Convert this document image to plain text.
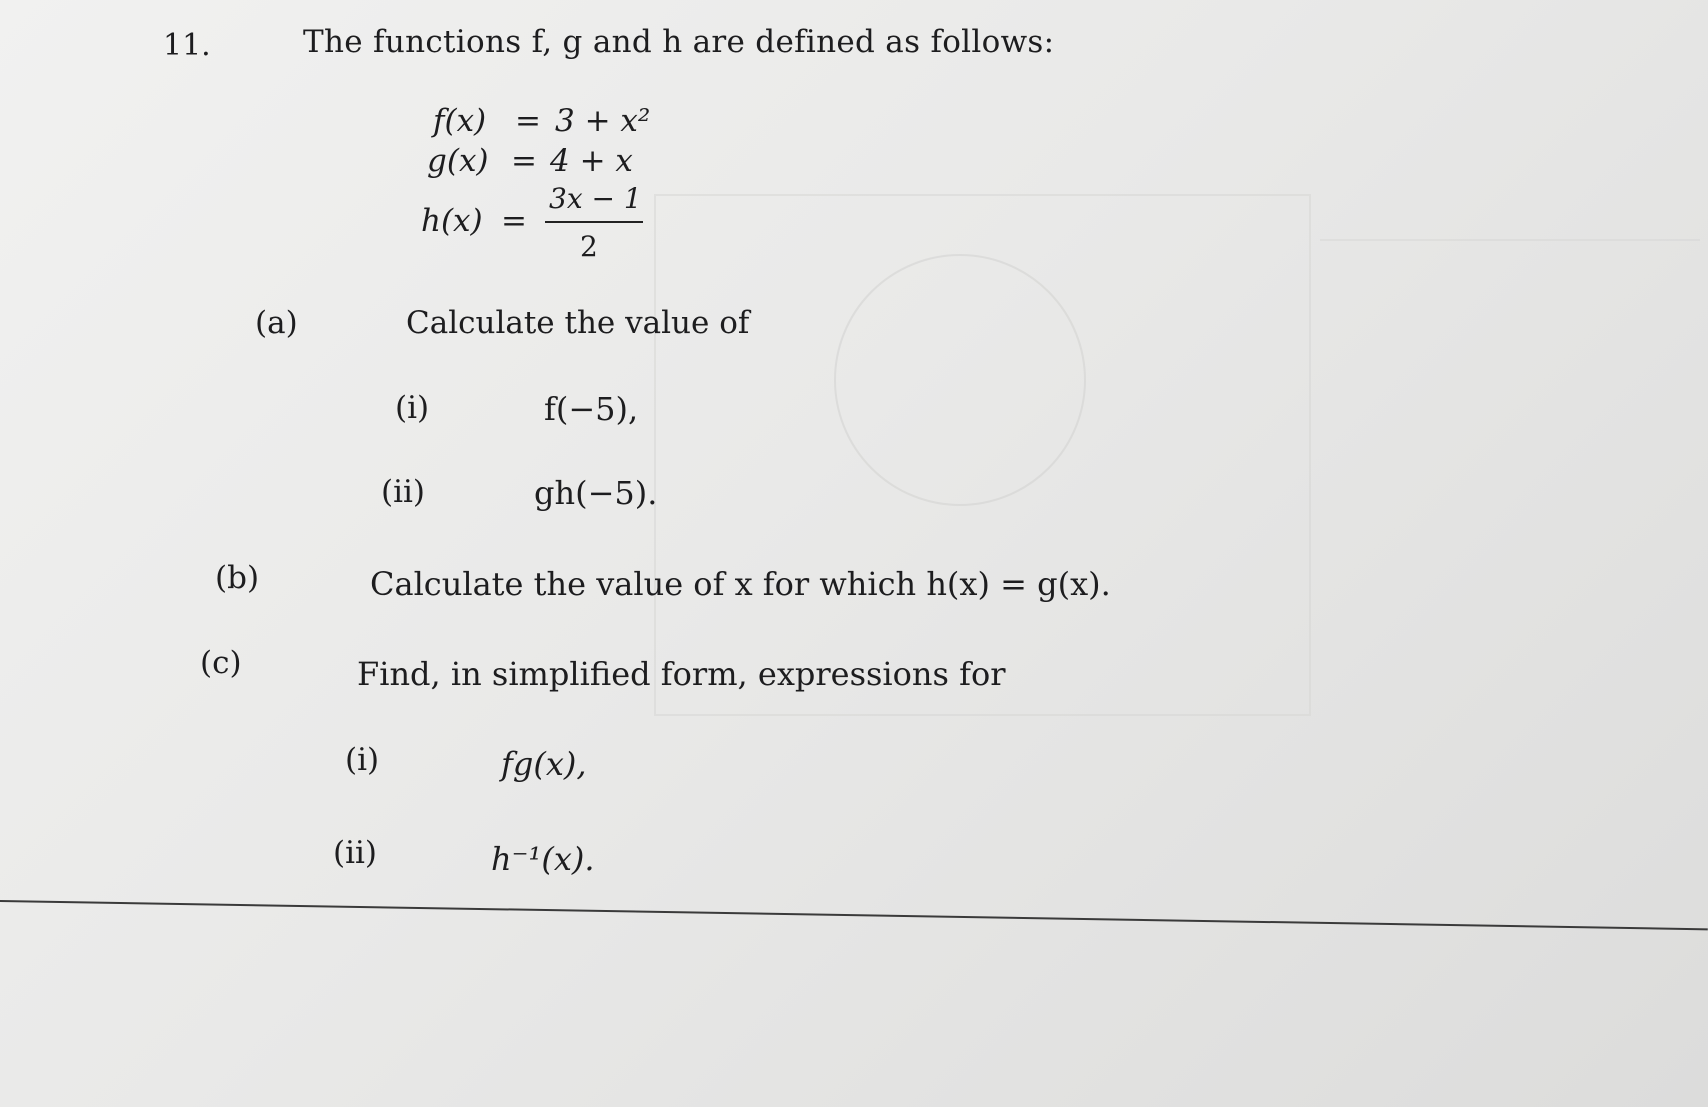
11.	The functions f, g and h are defined as follows:
f(x) = 3 + x²
g(x) = 4 + x
h(x) =
3x − 1
2
(a)	Calculate the value of
(i)	f(−5),
(ii)	gh(−5).
(b)	Calculate the value of x for which h(x) = g(x).
(c)	Find, in simplified form, expressions for
(i)	fg(x),
(ii)	h⁻¹(x).
